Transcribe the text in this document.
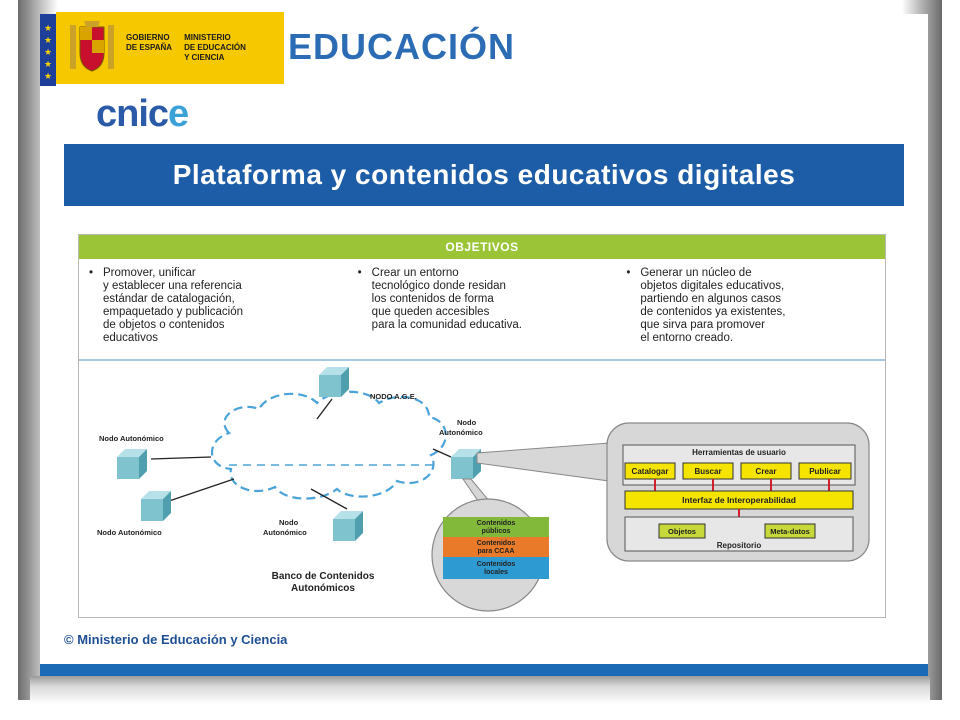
★
★
★
★
★
GOBIERNO
DE ESPAÑA
MINISTERIO
DE EDUCACIÓN
Y CIENCIA	EDUCACIÓN
cnice
Plataforma y contenidos educativos digitales
OBJETIVOS
• Promover, unificar
y establecer una referencia
estándar de catalogación,
empaquetado y publicación
de objetos o contenidos
educativos
• Crear un entorno
tecnológico donde residan
los contenidos de forma
que queden accesibles
para la comunidad educativa.
• Generar un núcleo de
objetos digitales educativos,
partiendo en algunos casos
de contenidos ya existentes,
que sirva para promover
el entorno creado.
NODO A.G.E.
Nodo Autonómico
Nodo Autonómico
Nodo
Autonómico
Nodo
Autonómico
Contenidos
públicos
Contenidos
para CCAA
Contenidos
locales
Banco de Contenidos
Autonómicos
Herramientas de usuario
Catalogar	Buscar	Crear	Publicar
Interfaz de Interoperabilidad
Objetos	Meta-datos
Repositorio
© Ministerio de Educación y Ciencia
